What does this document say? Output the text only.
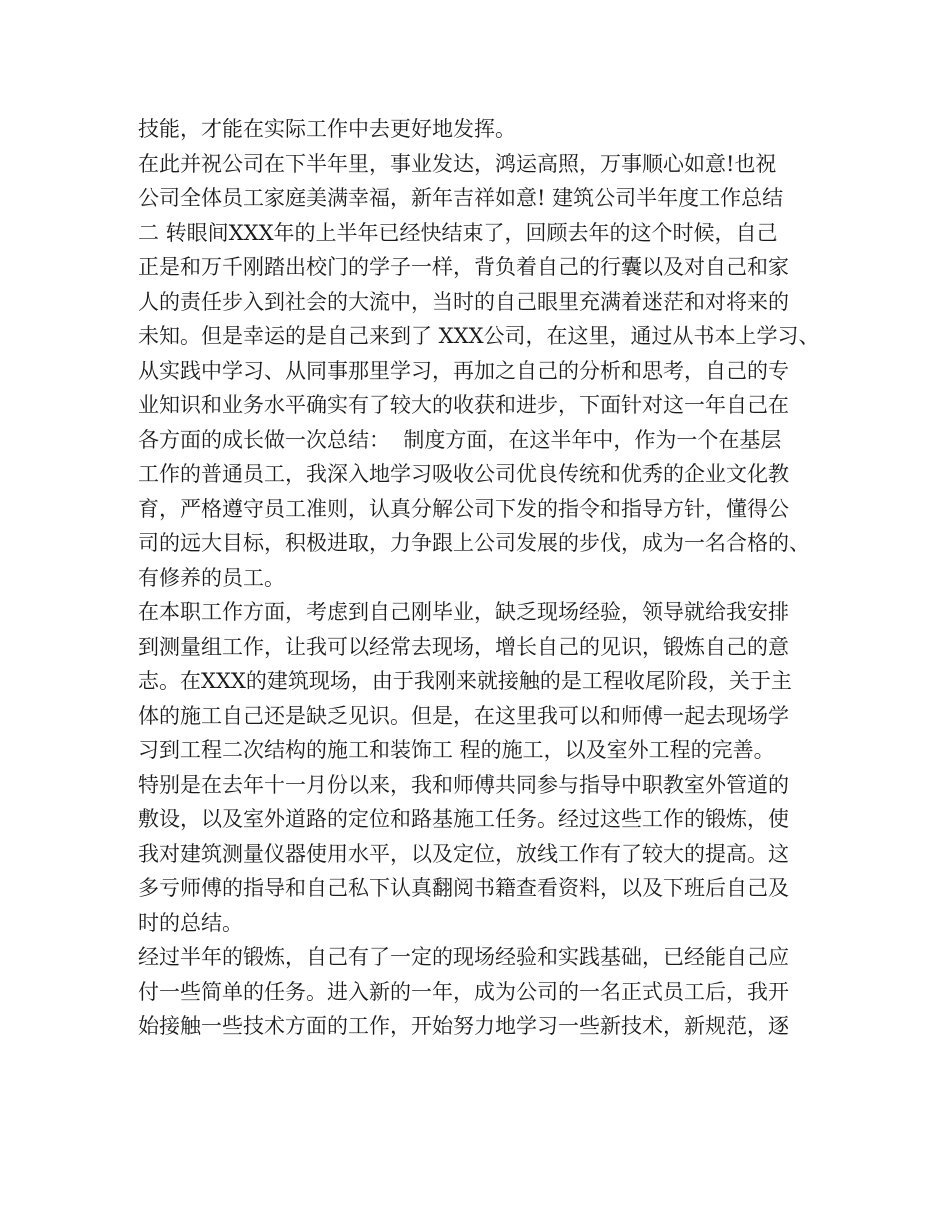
技能，才能在实际工作中去更好地发挥。
在此并祝公司在下半年里，事业发达，鸿运高照，万事顺心如意!也祝
公司全体员工家庭美满幸福，新年吉祥如意! 建筑公司半年度工作总结
二 转眼间XXX年的上半年已经快结束了，回顾去年的这个时候，自己
正是和万千刚踏出校门的学子一样，背负着自己的行囊以及对自己和家
人的责任步入到社会的大流中，当时的自己眼里充满着迷茫和对将来的
未知。但是幸运的是自己来到了 XXX公司，在这里，通过从书本上学习、
从实践中学习、从同事那里学习，再加之自己的分析和思考，自己的专
业知识和业务水平确实有了较大的收获和进步，下面针对这一年自己在
各方面的成长做一次总结：  制度方面，在这半年中，作为一个在基层
工作的普通员工，我深入地学习吸收公司优良传统和优秀的企业文化教
育，严格遵守员工准则，认真分解公司下发的指令和指导方针，懂得公
司的远大目标，积极进取，力争跟上公司发展的步伐，成为一名合格的、
有修养的员工。
在本职工作方面，考虑到自己刚毕业，缺乏现场经验，领导就给我安排
到测量组工作，让我可以经常去现场，增长自己的见识，锻炼自己的意
志。在XXX的建筑现场，由于我刚来就接触的是工程收尾阶段，关于主
体的施工自己还是缺乏见识。但是，在这里我可以和师傅一起去现场学
习到工程二次结构的施工和装饰工 程的施工，以及室外工程的完善。
特别是在去年十一月份以来，我和师傅共同参与指导中职教室外管道的
敷设，以及室外道路的定位和路基施工任务。经过这些工作的锻炼，使
我对建筑测量仪器使用水平，以及定位，放线工作有了较大的提高。这
多亏师傅的指导和自己私下认真翻阅书籍查看资料，以及下班后自己及
时的总结。
经过半年的锻炼，自己有了一定的现场经验和实践基础，已经能自己应
付一些简单的任务。进入新的一年，成为公司的一名正式员工后，我开
始接触一些技术方面的工作，开始努力地学习一些新技术，新规范，逐
